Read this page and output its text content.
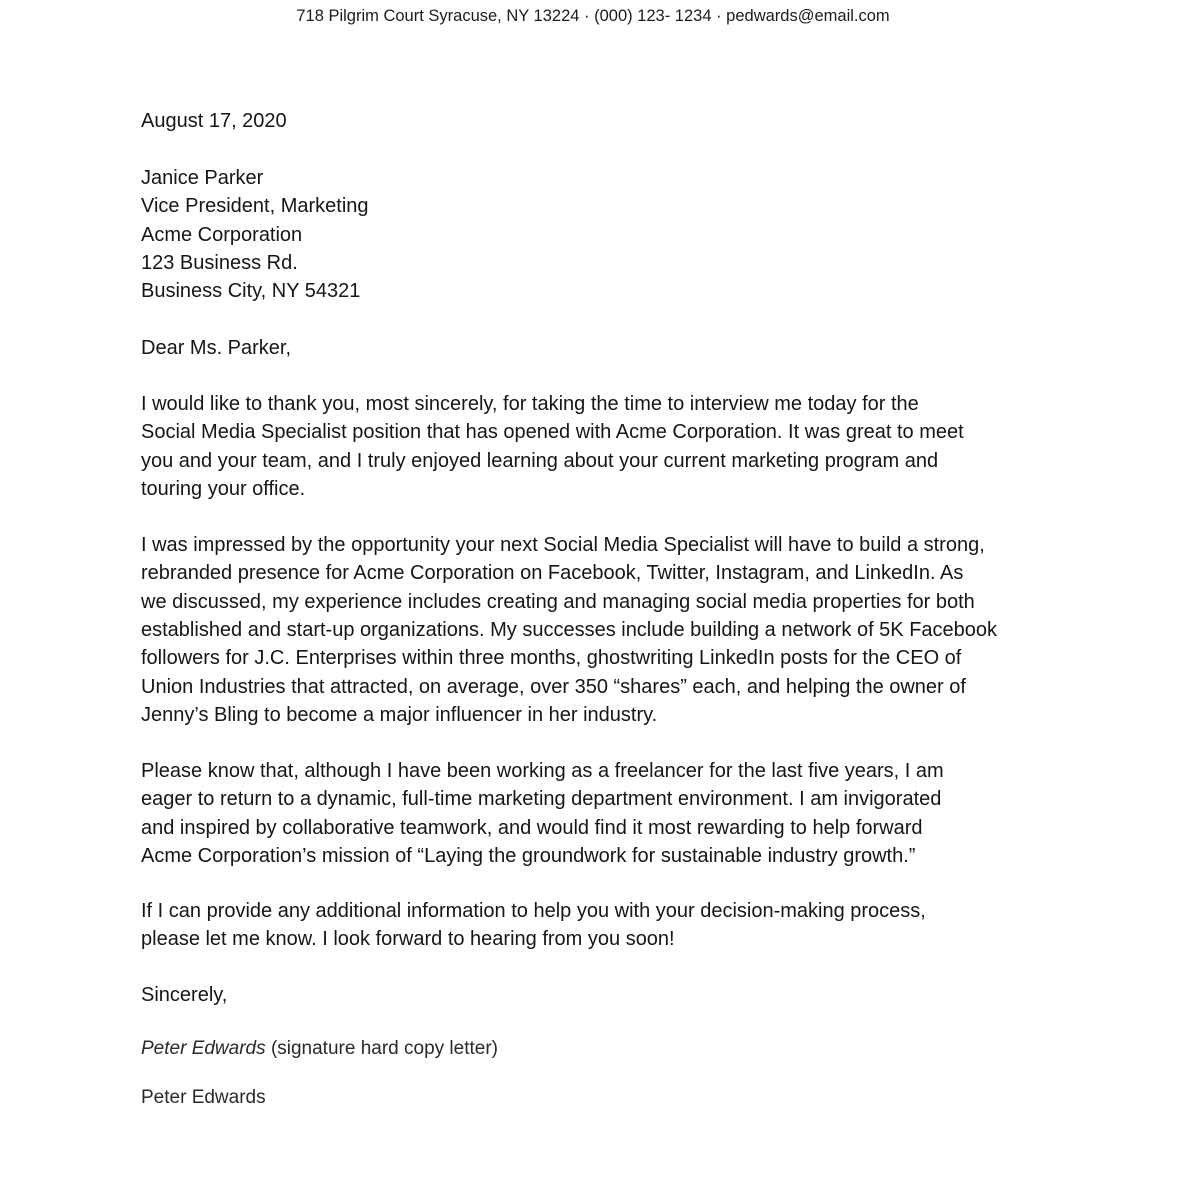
718 Pilgrim Court Syracuse, NY 13224 · (000) 123- 1234 · pedwards@email.com
August 17, 2020
Janice Parker
Vice President, Marketing
Acme Corporation
123 Business Rd.
Business City, NY 54321
Dear Ms. Parker,
I would like to thank you, most sincerely, for taking the time to interview me today for the
Social Media Specialist position that has opened with Acme Corporation. It was great to meet
you and your team, and I truly enjoyed learning about your current marketing program and
touring your office.
I was impressed by the opportunity your next Social Media Specialist will have to build a strong,
rebranded presence for Acme Corporation on Facebook, Twitter, Instagram, and LinkedIn. As
we discussed, my experience includes creating and managing social media properties for both
established and start-up organizations. My successes include building a network of 5K Facebook
followers for J.C. Enterprises within three months, ghostwriting LinkedIn posts for the CEO of
Union Industries that attracted, on average, over 350 “shares” each, and helping the owner of
Jenny’s Bling to become a major influencer in her industry.
Please know that, although I have been working as a freelancer for the last five years, I am
eager to return to a dynamic, full-time marketing department environment. I am invigorated
and inspired by collaborative teamwork, and would find it most rewarding to help forward
Acme Corporation’s mission of “Laying the groundwork for sustainable industry growth.”
If I can provide any additional information to help you with your decision-making process,
please let me know. I look forward to hearing from you soon!
Sincerely,
Peter Edwards (signature hard copy letter)
Peter Edwards
